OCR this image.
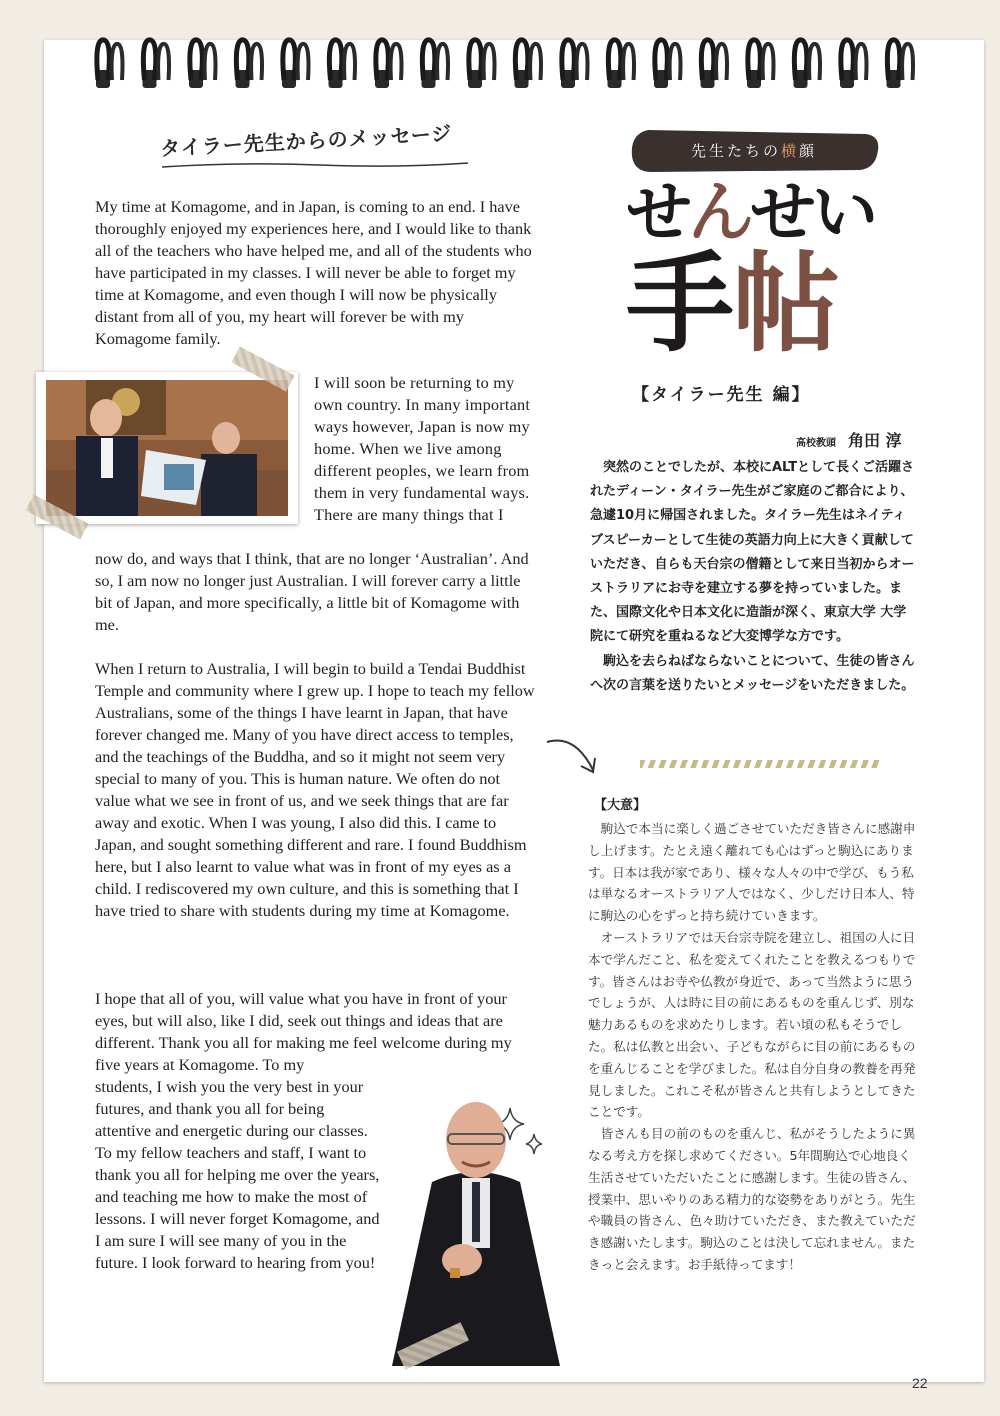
タイラー先生からのメッセージ

My time at Komagome, and in Japan, is coming to an end. I have thoroughly enjoyed my experiences here, and I would like to thank all of the teachers who have helped me, and all of the students who have participated in my classes. I will never be able to forget my time at Komagome, and even though I will now be physically distant from all of you, my heart will forever be with my Komagome family.

I will soon be returning to my own country. In many important ways however, Japan is now my home. When we live among different peoples, we learn from them in very fundamental ways. There are many things that I

now do, and ways that I think, that are no longer ‘Australian’. And so, I am now no longer just Australian. I will forever carry a little bit of Japan, and more specifically, a little bit of Komagome with me.

When I return to Australia, I will begin to build a Tendai Buddhist Temple and community where I grew up. I hope to teach my fellow Australians, some of the things I have learnt in Japan, that have forever changed me. Many of you have direct access to temples, and the teachings of the Buddha, and so it might not seem very special to many of you. This is human nature. We often do not value what we see in front of us, and we seek things that are far away and exotic. When I was young, I also did this. I came to Japan, and sought something different and rare. I found Buddhism here, but I also learnt to value what was in front of my eyes as a child. I rediscovered my own culture, and this is something that I have tried to share with students during my time at Komagome.

I hope that all of you, will value what you have in front of your eyes, but will also, like I did, seek out things and ideas that are different. Thank you all for making me feel welcome during my five years at Komagome. To my

students, I wish you the very best in your futures, and thank you all for being attentive and energetic during our classes. To my fellow teachers and staff, I want to thank you all for helping me over the years, and teaching me how to make the most of lessons. I will never forget Komagome, and I am sure I will see many of you in the future. I look forward to hearing from you!

先生たちの横顔
せんせい
手帖
【タイラー先生 編】
高校教頭 角田 淳

突然のことでしたが、本校にALTとして長くご活躍されたディーン・タイラー先生がご家庭のご都合により、急遽10月に帰国されました。タイラー先生はネイティブスピーカーとして生徒の英語力向上に大きく貢献していただき、自らも天台宗の僧籍として来日当初からオーストラリアにお寺を建立する夢を持っていました。また、国際文化や日本文化に造詣が深く、東京大学 大学院にて研究を重ねるなど大変博学な方です。

駒込を去らねばならないことについて、生徒の皆さんへ次の言葉を送りたいとメッセージをいただきました。

【大意】

駒込で本当に楽しく過ごさせていただき皆さんに感謝申し上げます。たとえ遠く離れても心はずっと駒込にあります。日本は我が家であり、様々な人々の中で学び、もう私は単なるオーストラリア人ではなく、少しだけ日本人、特に駒込の心をずっと持ち続けていきます。

オーストラリアでは天台宗寺院を建立し、祖国の人に日本で学んだこと、私を変えてくれたことを教えるつもりです。皆さんはお寺や仏教が身近で、あって当然ように思うでしょうが、人は時に目の前にあるものを重んじず、別な魅力あるものを求めたりします。若い頃の私もそうでした。私は仏教と出会い、子どもながらに目の前にあるものを重んじることを学びました。私は自分自身の教養を再発見しました。これこそ私が皆さんと共有しようとしてきたことです。

皆さんも目の前のものを重んじ、私がそうしたように異なる考え方を探し求めてください。5年間駒込で心地良く生活させていただいたことに感謝します。生徒の皆さん、授業中、思いやりのある精力的な姿勢をありがとう。先生や職員の皆さん、色々助けていただき、また教えていただき感謝いたします。駒込のことは決して忘れません。またきっと会えます。お手紙待ってます！

22
